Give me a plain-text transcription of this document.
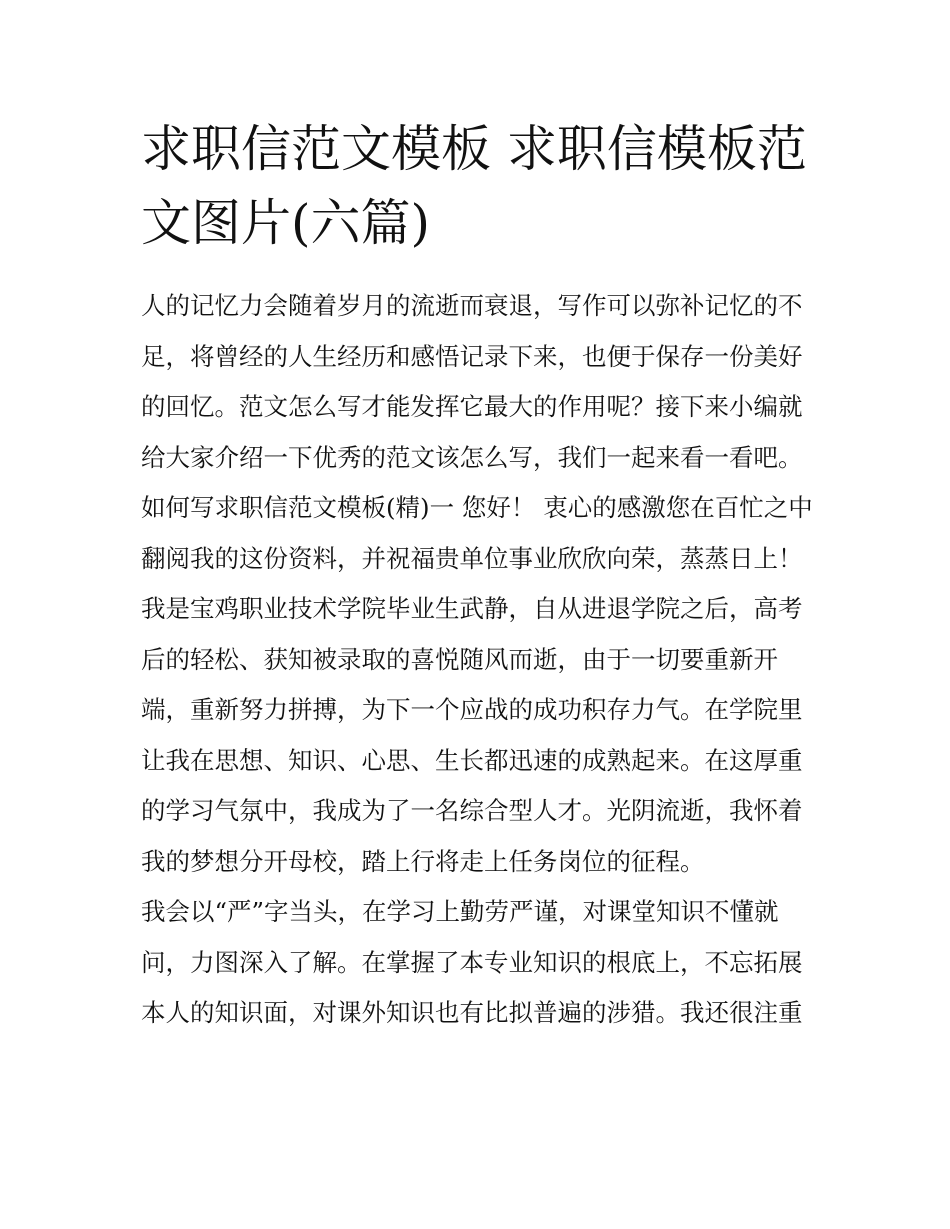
求职信范文模板 求职信模板范文图片(六篇)

人的记忆力会随着岁月的流逝而衰退，写作可以弥补记忆的不足，将曾经的人生经历和感悟记录下来，也便于保存一份美好的回忆。范文怎么写才能发挥它最大的作用呢？接下来小编就给大家介绍一下优秀的范文该怎么写，我们一起来看一看吧。

如何写求职信范文模板(精)一 您好！ 衷心的感激您在百忙之中翻阅我的这份资料，并祝福贵单位事业欣欣向荣，蒸蒸日上！

我是宝鸡职业技术学院毕业生武静，自从进退学院之后，高考后的轻松、获知被录取的喜悦随风而逝，由于一切要重新开端，重新努力拼搏，为下一个应战的成功积存力气。在学院里让我在思想、知识、心思、生长都迅速的成熟起来。在这厚重的学习气氛中，我成为了一名综合型人才。光阴流逝，我怀着我的梦想分开母校，踏上行将走上任务岗位的征程。

我会以“严”字当头，在学习上勤劳严谨，对课堂知识不懂就问，力图深入了解。在掌握了本专业知识的根底上，不忘拓展本人的知识面，对课外知识也有比拟普遍的涉猎。我还很注重
